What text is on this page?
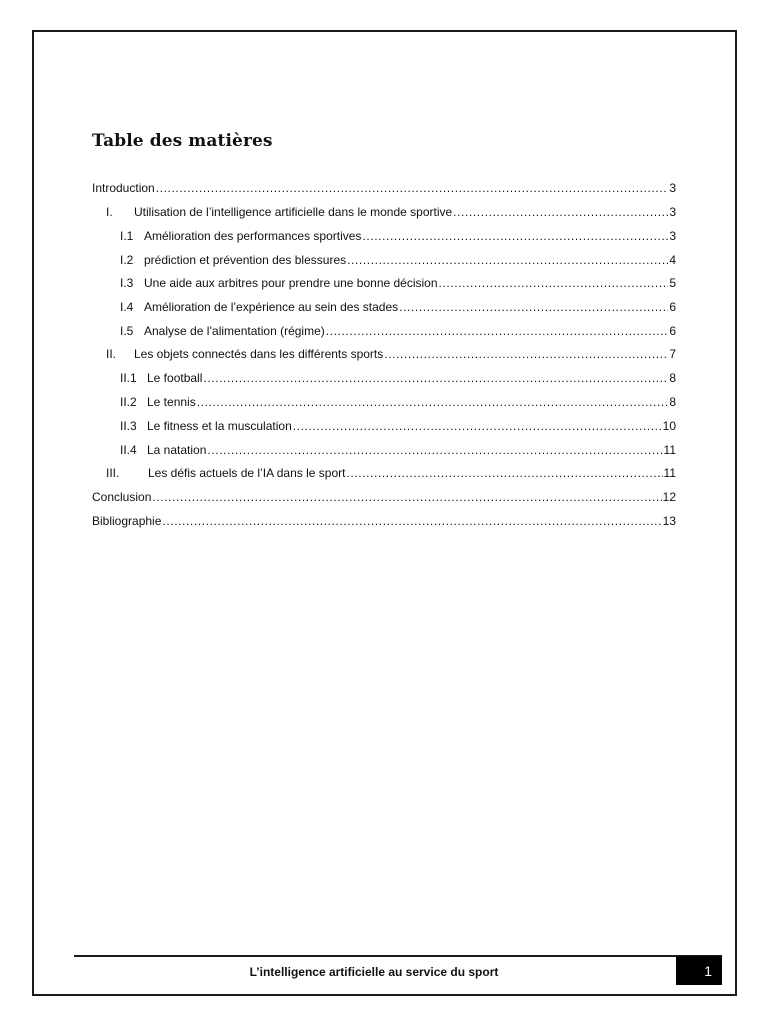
Table des matières
Introduction .....	3
I.	Utilisation de l’intelligence artificielle dans le monde sportive .....	3
I.1 Amélioration des performances sportives .....	3
I.2 prédiction et prévention des blessures .....	4
I.3 Une aide aux arbitres pour prendre une bonne décision .....	5
I.4 Amélioration de l’expérience au sein des stades .....	6
I.5 Analyse de l’alimentation (régime) .....	6
II.	Les objets connectés dans les différents sports .....	7
II.1 Le football .....	8
II.2 Le tennis .....	8
II.3 Le fitness et la musculation .....	10
II.4 La natation .....	11
III.	Les défis actuels de l’IA dans le sport .....	11
Conclusion .....	12
Bibliographie .....	13
L’intelligence artificielle au service du sport	1
